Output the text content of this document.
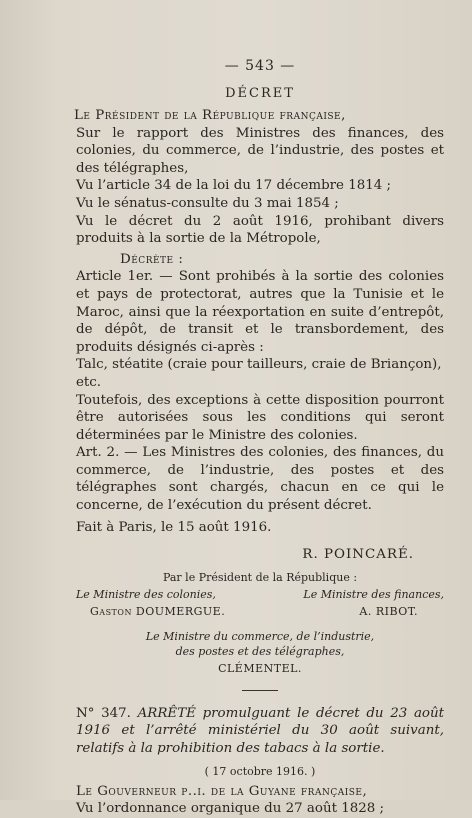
— 543 —
DÉCRET

Le Président de la République française,

Sur le rapport des Ministres des finances, des colonies, du commerce, de l’industrie, des postes et des télégraphes,

Vu l’article 34 de la loi du 17 décembre 1814 ;

Vu le sénatus-consulte du 3 mai 1854 ;

Vu le décret du 2 août 1916, prohibant divers produits à la sortie de la Métropole,

Décrète :

Article 1er. — Sont prohibés à la sortie des colonies et pays de protectorat, autres que la Tunisie et le Maroc, ainsi que la réexportation en suite d’entrepôt, de dépôt, de transit et le transbordement, des produits désignés ci-après :

Talc, stéatite (craie pour tailleurs, craie de Briançon), etc.

Toutefois, des exceptions à cette disposition pourront être autorisées sous les conditions qui seront déterminées par le Ministre des colonies.

Art. 2. — Les Ministres des colonies, des finances, du commerce, de l’industrie, des postes et des télégraphes sont chargés, chacun en ce qui le concerne, de l’exécution du présent décret.

Fait à Paris, le 15 août 1916.

R. POINCARÉ.

Par le Président de la République :

Le Ministre des colonies,	Le Ministre des finances,
Gaston DOUMERGUE.	A. RIBOT.

Le Ministre du commerce, de l’industrie, des postes et des télégraphes,

CLÉMENTEL.

N° 347. ARRÊTÉ promulguant le décret du 23 août 1916 et l’arrêté ministériel du 30 août suivant, relatifs à la prohibition des tabacs à la sortie.

( 17 octobre 1916. )

Le Gouverneur p..i. de la Guyane française,

Vu l’ordonnance organique du 27 août 1828 ;
